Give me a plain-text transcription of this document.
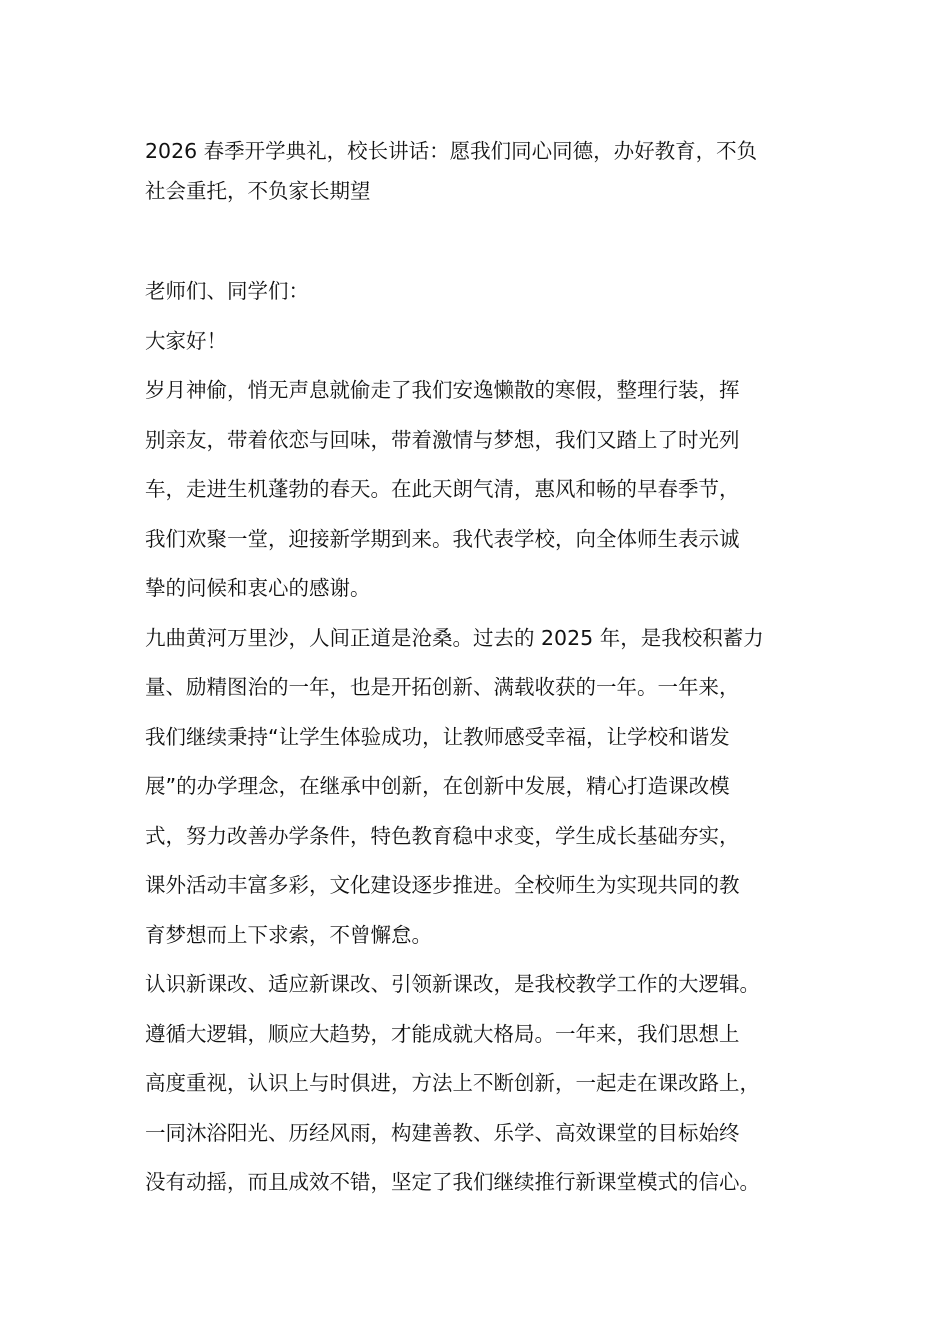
2026 春季开学典礼，校长讲话：愿我们同心同德，办好教育，不负

社会重托，不负家长期望

老师们、同学们：

大家好！

岁月神偷，悄无声息就偷走了我们安逸懒散的寒假，整理行装，挥

别亲友，带着依恋与回味，带着激情与梦想，我们又踏上了时光列

车，走进生机蓬勃的春天。在此天朗气清，惠风和畅的早春季节，

我们欢聚一堂，迎接新学期到来。我代表学校，向全体师生表示诚

挚的问候和衷心的感谢。

九曲黄河万里沙，人间正道是沧桑。过去的 2025 年，是我校积蓄力

量、励精图治的一年，也是开拓创新、满载收获的一年。一年来，

我们继续秉持“让学生体验成功，让教师感受幸福，让学校和谐发

展”的办学理念，在继承中创新，在创新中发展，精心打造课改模

式，努力改善办学条件，特色教育稳中求变，学生成长基础夯实，

课外活动丰富多彩，文化建设逐步推进。全校师生为实现共同的教

育梦想而上下求索，不曾懈怠。

认识新课改、适应新课改、引领新课改，是我校教学工作的大逻辑。

遵循大逻辑，顺应大趋势，才能成就大格局。一年来，我们思想上

高度重视，认识上与时俱进，方法上不断创新，一起走在课改路上，

一同沐浴阳光、历经风雨，构建善教、乐学、高效课堂的目标始终

没有动摇，而且成效不错，坚定了我们继续推行新课堂模式的信心。
